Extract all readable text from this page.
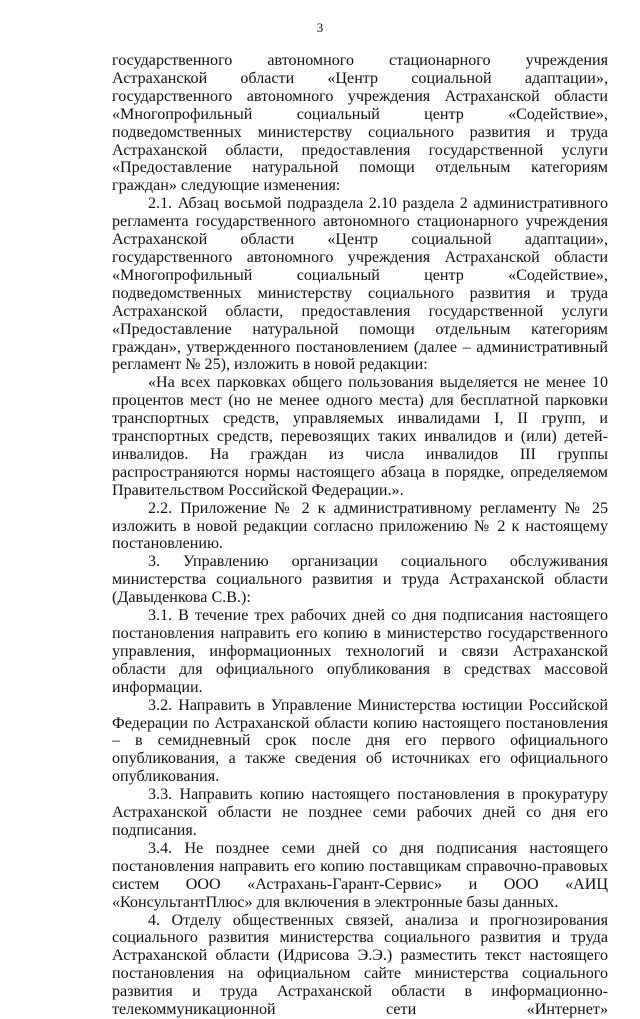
3

государственного автономного стационарного учреждения Астраханской области «Центр социальной адаптации», государственного автономного учреждения Астраханской области «Многопрофильный социальный центр «Содействие», подведомственных министерству социального развития и труда Астраханской области, предоставления государственной услуги «Предоставление натуральной помощи отдельным категориям граждан» следующие изменения:

2.1. Абзац восьмой подраздела 2.10 раздела 2 административного регламента государственного автономного стационарного учреждения Астраханской области «Центр социальной адаптации», государственного автономного учреждения Астраханской области «Многопрофильный социальный центр «Содействие», подведомственных министерству социального развития и труда Астраханской области, предоставления государственной услуги «Предоставление натуральной помощи отдельным категориям граждан», утвержденного постановлением (далее – административный регламент № 25), изложить в новой редакции:

«На всех парковках общего пользования выделяется не менее 10 процентов мест (но не менее одного места) для бесплатной парковки транспортных средств, управляемых инвалидами I, II групп, и транспортных средств, перевозящих таких инвалидов и (или) детей-инвалидов. На граждан из числа инвалидов III группы распространяются нормы настоящего абзаца в порядке, определяемом Правительством Российской Федерации.».

2.2. Приложение № 2 к административному регламенту № 25 изложить в новой редакции согласно приложению № 2 к настоящему постановлению.

3. Управлению организации социального обслуживания министерства социального развития и труда Астраханской области (Давыденкова С.В.):

3.1. В течение трех рабочих дней со дня подписания настоящего постановления направить его копию в министерство государственного управления, информационных технологий и связи Астраханской области для официального опубликования в средствах массовой информации.

3.2. Направить в Управление Министерства юстиции Российской Федерации по Астраханской области копию настоящего постановления – в семидневный срок после дня его первого официального опубликования, а также сведения об источниках его официального опубликования.

3.3. Направить копию настоящего постановления в прокуратуру Астраханской области не позднее семи рабочих дней со дня его подписания.

3.4. Не позднее семи дней со дня подписания настоящего постановления направить его копию поставщикам справочно-правовых систем ООО «Астрахань-Гарант-Сервис» и ООО «АИЦ «КонсультантПлюс» для включения в электронные базы данных.

4. Отделу общественных связей, анализа и прогнозирования социального развития министерства социального развития и труда Астраханской области (Идрисова Э.Э.) разместить текст настоящего постановления на официальном сайте министерства социального развития и труда Астраханской области в информационно-телекоммуникационной сети «Интернет»
